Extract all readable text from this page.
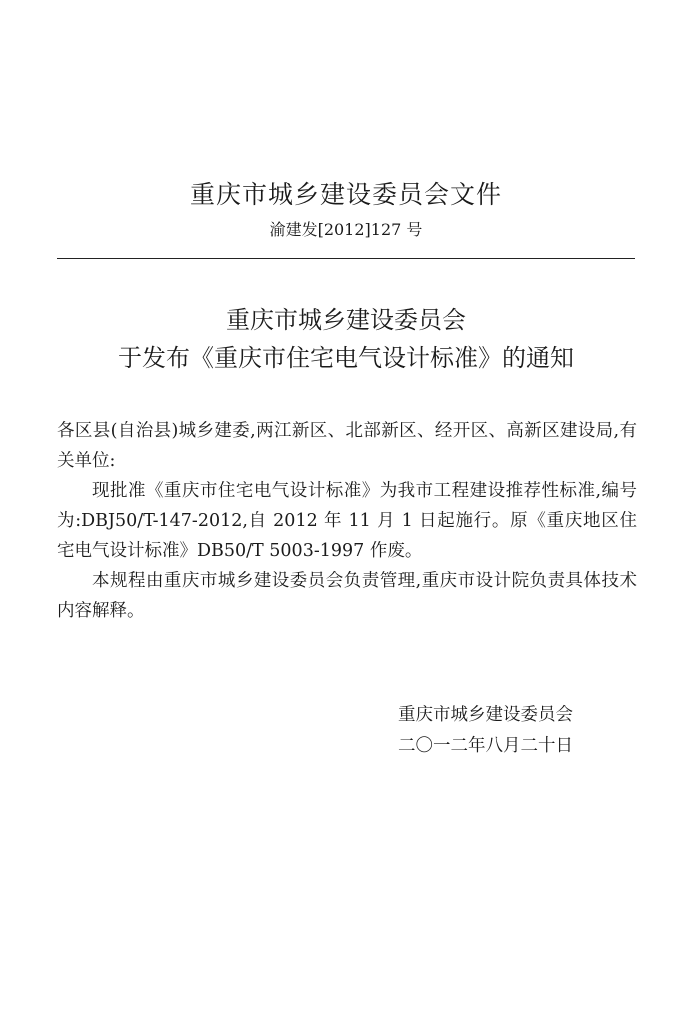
重庆市城乡建设委员会文件
渝建发[2012]127 号
重庆市城乡建设委员会
于发布《重庆市住宅电气设计标准》的通知

各区县(自治县)城乡建委,两江新区、北部新区、经开区、高新区建设局,有关单位:

现批准《重庆市住宅电气设计标准》为我市工程建设推荐性标准,编号为:DBJ50/T-147-2012,自 2012 年 11 月 1 日起施行。原《重庆地区住宅电气设计标准》DB50/T 5003-1997 作废。

本规程由重庆市城乡建设委员会负责管理,重庆市设计院负责具体技术内容解释。

重庆市城乡建设委员会
二〇一二年八月二十日
